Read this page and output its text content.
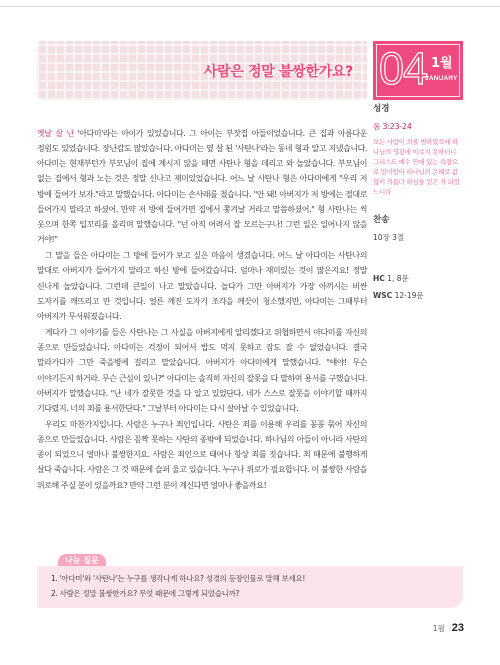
사람은 정말 불쌍한가요? 04 1월
JANUARY
성경
롬 3:23-24
모든 사람이 죄를 범하였으매 하나님의 영광에 이르지 못하더니 그리스도 예수 안에 있는 속량으로 말미암아 하나님의 은혜로 값없이 의롭다 하심을 얻은 자 되었느니라
찬송
10장 3절
HC 1, 8문
WSC 12-19문

옛날 살 난 '아다미'라는 아이가 있었습니다. 그 아이는 부잣집 아들이었습니다. 큰 집과 아름다운 정원도 있었습니다. 장난감도 많았습니다. 아다미는 옆 살 된 '사탄나'라는 동네 형과 알고 지냈습니다. 아다미는 현재부턴가 부모님이 집에 계시지 않을 때면 사탄나 형을 데리고 와 놀았습니다. 부모님이 없는 집에서 형과 노는 것은 정말 신나고 재미있었습니다. 어느 날 사탄나 형은 아다미에게 "우리 저 방에 들어가 보자."라고 말했습니다. 아다미는 손사래를 쳤습니다. "안 돼! 아버지가 저 방에는 절대로 들어가지 말라고 하셨어. 만약 저 방에 들어가면 집에서 쫓겨날 거라고 말씀하셨어." 형 사탄나는 씩 웃으며 한쪽 입꼬리를 올리며 말했습니다. "넌 아직 어려서 잘 모르는구나! 그런 일은 일어나지 않을 거야!"

그 말을 들은 아다미는 그 방에 들어가 보고 싶은 마음이 생겼습니다. 어느 날 아다미는 사탄나의 말대로 아버지가 들어가지 말라고 하신 방에 들어갔습니다. 엄마나 재미있는 것이 많은지요! 정말 신나게 놀았습니다. 그런데 큰일이 나고 말았습니다. 놀다가 그만 아버지가 가장 아끼시는 비싼 도자기를 깨뜨리고 만 것입니다. 얼른 깨진 도자기 조각을 깨끗이 청소했지만, 아다미는 그때부터 아버지가 무서워졌습니다.

게다가 그 이야기를 들은 사탄나는 그 사실을 아버지에게 알리겠다고 위협하면서 아다미를 자신의 종으로 만들었습니다. 아다미는 걱정이 되어서 밥도 먹지 못하고 잠도 잘 수 없었습니다. 결국 말라가다가 그만 죽을병에 걸리고 말았습니다. 아버지가 아다미에게 말했습니다. "얘야! 무슨 이야기든지 하거라. 무슨 근심이 있니?" 아다미는 솔직히 자신의 잘못을 다 말하며 용서를 구했습니다. 아버지가 말했습니다. "난 네가 잘못한 것을 다 알고 있었단다. 네가 스스로 잘못을 이야기할 때까지 기다렸지. 너의 죄를 용서한단다." 그날부터 아다미는 다시 살아날 수 있었습니다.

우리도 마찬가지입니다. 사람은 누구나 죄인입니다. 사탄은 죄를 이용해 우리를 꽁꽁 묶어 자신의 종으로 만들었습니다. 사람은 꼼짝 못하는 사탄의 종밖에 되었습니다. 하나님의 아들이 아니라 사탄의 종이 되었으니 얼마나 불쌍한지요. 사람은 죄인으로 태어나 항상 죄를 짓습니다. 죄 때문에 불행하게 살다 죽습니다. 사람은 그 것 때문에 슬퍼 울고 있습니다. 누구나 위로가 필요합니다. 이 불쌍한 사람을 위로해 주실 분이 있을까요? 만약 그런 분이 계신다면 얼마나 좋을까요!

나눔 질문
1. '아다미'와 '사탄나'는 누구를 생각나게 하나요? 성경의 등장인물로 말해 보세요!
2. 사람은 정말 불쌍한가요? 무엇 때문에 그렇게 되었습니까?
1월 23
